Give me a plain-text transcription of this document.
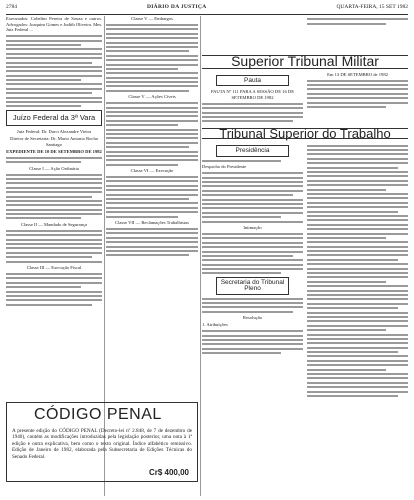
2784	DIÁRIO DA JUSTIÇA	QUARTA-FEIRA, 15 SET 1982

Executados: Cobelim Pereira de Souza e outros. Advogados: Joaquim Gomes e Judith Oliveira. Mm. Juiz Federal ...

Juízo Federal da 3ª Vara

Juiz Federal: Dr. Darci Alexandre Vieira

Diretor de Secretaria: Dr. Mario Antonio Rocha Santiago

EXPEDIENTE DE 10 DE SETEMBRO DE 1982

Classe I — Ação Ordinária

Classe II — Mandado de Segurança

Classe III — Execução Fiscal

Classe V — Embargos

Classe V — Ações Cíveis

Classe VI — Execução

Classe VII — Reclamações Trabalhistas

Superior Tribunal Militar
Pauta

PAUTA Nº 111 PARA A SESSÃO DE 16 DE SETEMBRO DE 1982

Em 13 DE SETEMBRO de 1982

Tribunal Superior do Trabalho
Presidência

Despacho do Presidente

Intimação

Secretaria do Tribunal Pleno

Resolução

1. Atribuições

CÓDIGO PENAL
A presente edição do CÓDIGO PENAL (Decreto-lei nº 2.848, de 7 de dezembro de 1940), contém as modificações introduzidas pela legislação posterior, uma nota à 1ª edição e outra explicativa, bem como o texto original. Índice alfabético remissivo. Edição de Janeiro de 1982, elaborada pela Subsecretaria de Edições Técnicas do Senado Federal.
Cr$ 400,00
